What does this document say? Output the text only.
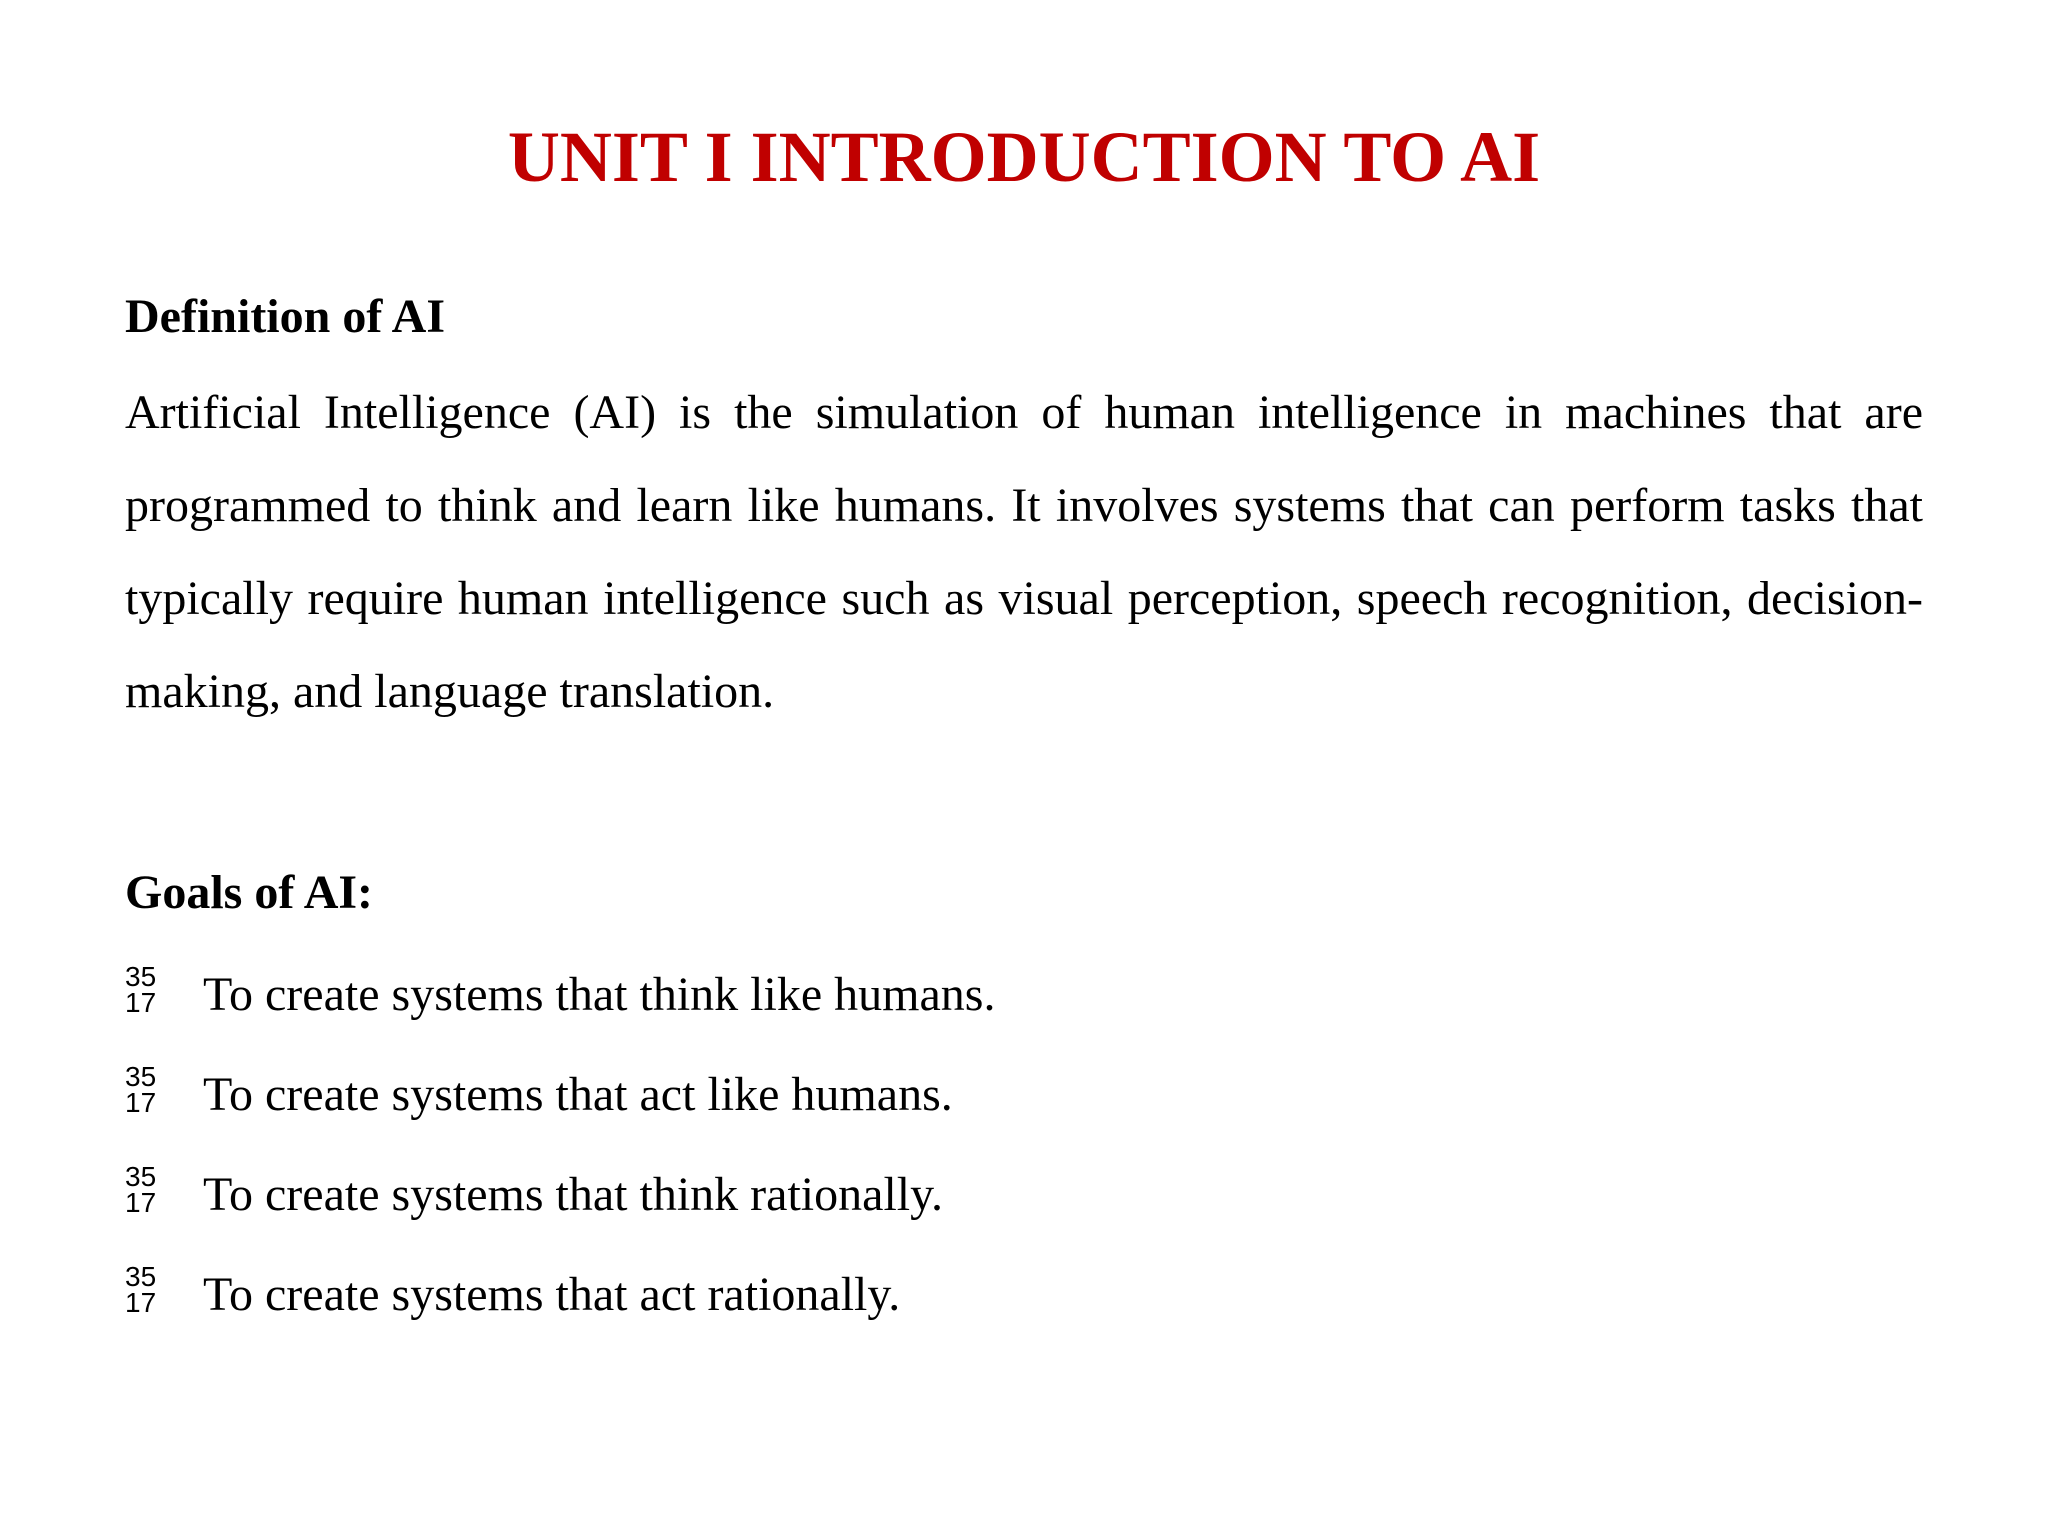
UNIT I INTRODUCTION TO AI
Definition of AI

Artificial Intelligence (AI) is the simulation of human intelligence in machines that are programmed to think and learn like humans. It involves systems that can perform tasks that typically require human intelligence such as visual perception, speech recognition, decision-making, and language translation.

Goals of AI:
35
17 To create systems that think like humans.
35
17 To create systems that act like humans.
35
17 To create systems that think rationally.
35
17 To create systems that act rationally.
